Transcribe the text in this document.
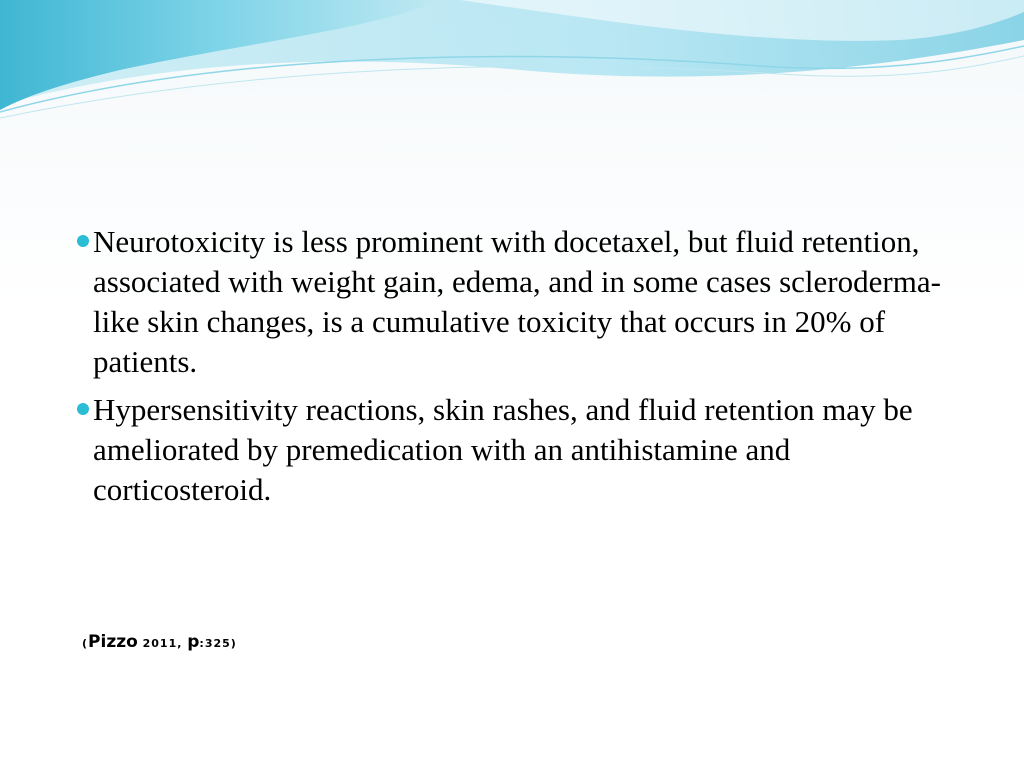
Neurotoxicity is less prominent with docetaxel, but fluid retention, associated with weight gain, edema, and in some cases scleroderma-like skin changes, is a cumulative toxicity that occurs in 20% of patients.
Hypersensitivity reactions, skin rashes, and fluid retention may be ameliorated by premedication with an antihistamine and corticosteroid.
(Pizzo 2011, p:325)
